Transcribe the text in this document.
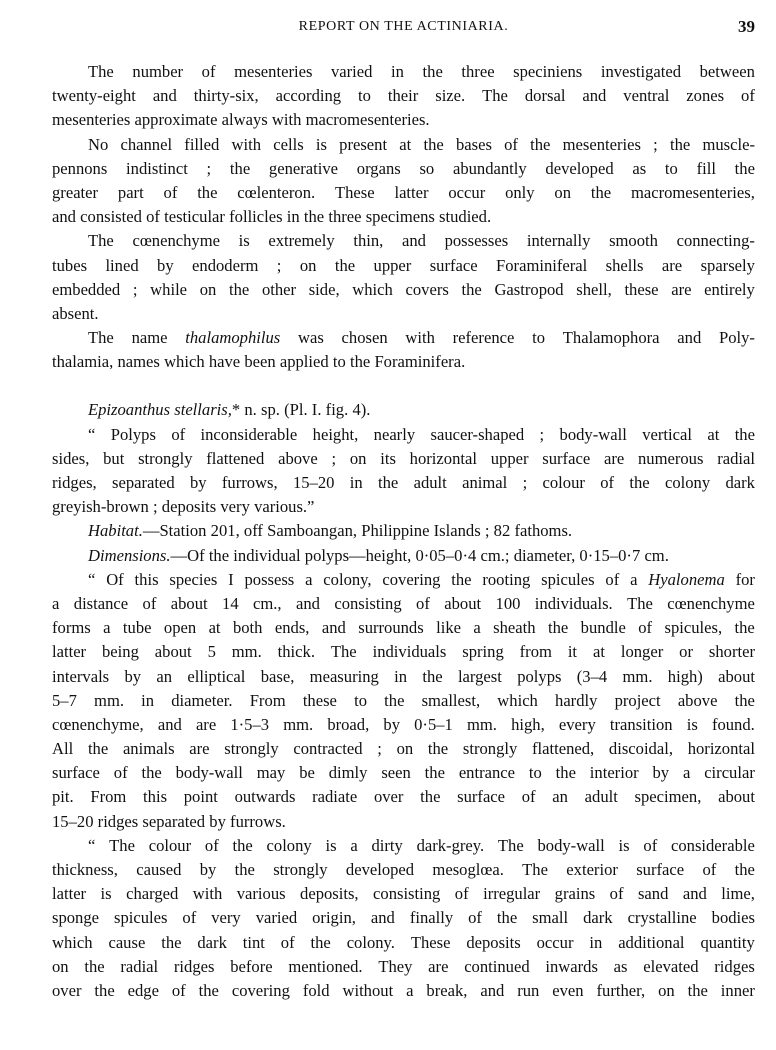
REPORT ON THE ACTINIARIA.	39
The number of mesenteries varied in the three speciniens investigated between
twenty-eight and thirty-six, according to their size. The dorsal and ventral zones of
mesenteries approximate always with macromesenteries.
No channel filled with cells is present at the bases of the mesenteries ; the muscle-
pennons indistinct ; the generative organs so abundantly developed as to fill the
greater part of the cœlenteron. These latter occur only on the macromesenteries,
and consisted of testicular follicles in the three specimens studied.
The cœnenchyme is extremely thin, and possesses internally smooth connecting-
tubes lined by endoderm ; on the upper surface Foraminiferal shells are sparsely
embedded ; while on the other side, which covers the Gastropod shell, these are entirely
absent.
The name thalamophilus was chosen with reference to Thalamophora and Poly-
thalamia, names which have been applied to the Foraminifera.
Epizoanthus stellaris,* n. sp. (Pl. I. fig. 4).
“ Polyps of inconsiderable height, nearly saucer-shaped ; body-wall vertical at the
sides, but strongly flattened above ; on its horizontal upper surface are numerous radial
ridges, separated by furrows, 15–20 in the adult animal ; colour of the colony dark
greyish-brown ; deposits very various.”
Habitat.—Station 201, off Samboangan, Philippine Islands ; 82 fathoms.
Dimensions.—Of the individual polyps—height, 0·05–0·4 cm.; diameter, 0·15–0·7 cm.
“ Of this species I possess a colony, covering the rooting spicules of a Hyalonema for
a distance of about 14 cm., and consisting of about 100 individuals. The cœnenchyme
forms a tube open at both ends, and surrounds like a sheath the bundle of spicules, the
latter being about 5 mm. thick. The individuals spring from it at longer or shorter
intervals by an elliptical base, measuring in the largest polyps (3–4 mm. high) about
5–7 mm. in diameter. From these to the smallest, which hardly project above the
cœnenchyme, and are 1·5–3 mm. broad, by 0·5–1 mm. high, every transition is found.
All the animals are strongly contracted ; on the strongly flattened, discoidal, horizontal
surface of the body-wall may be dimly seen the entrance to the interior by a circular
pit. From this point outwards radiate over the surface of an adult specimen, about
15–20 ridges separated by furrows.
“ The colour of the colony is a dirty dark-grey. The body-wall is of considerable
thickness, caused by the strongly developed mesoglœa. The exterior surface of the
latter is charged with various deposits, consisting of irregular grains of sand and lime,
sponge spicules of very varied origin, and finally of the small dark crystalline bodies
which cause the dark tint of the colony. These deposits occur in additional quantity
on the radial ridges before mentioned. They are continued inwards as elevated ridges
over the edge of the covering fold without a break, and run even further, on the inner
